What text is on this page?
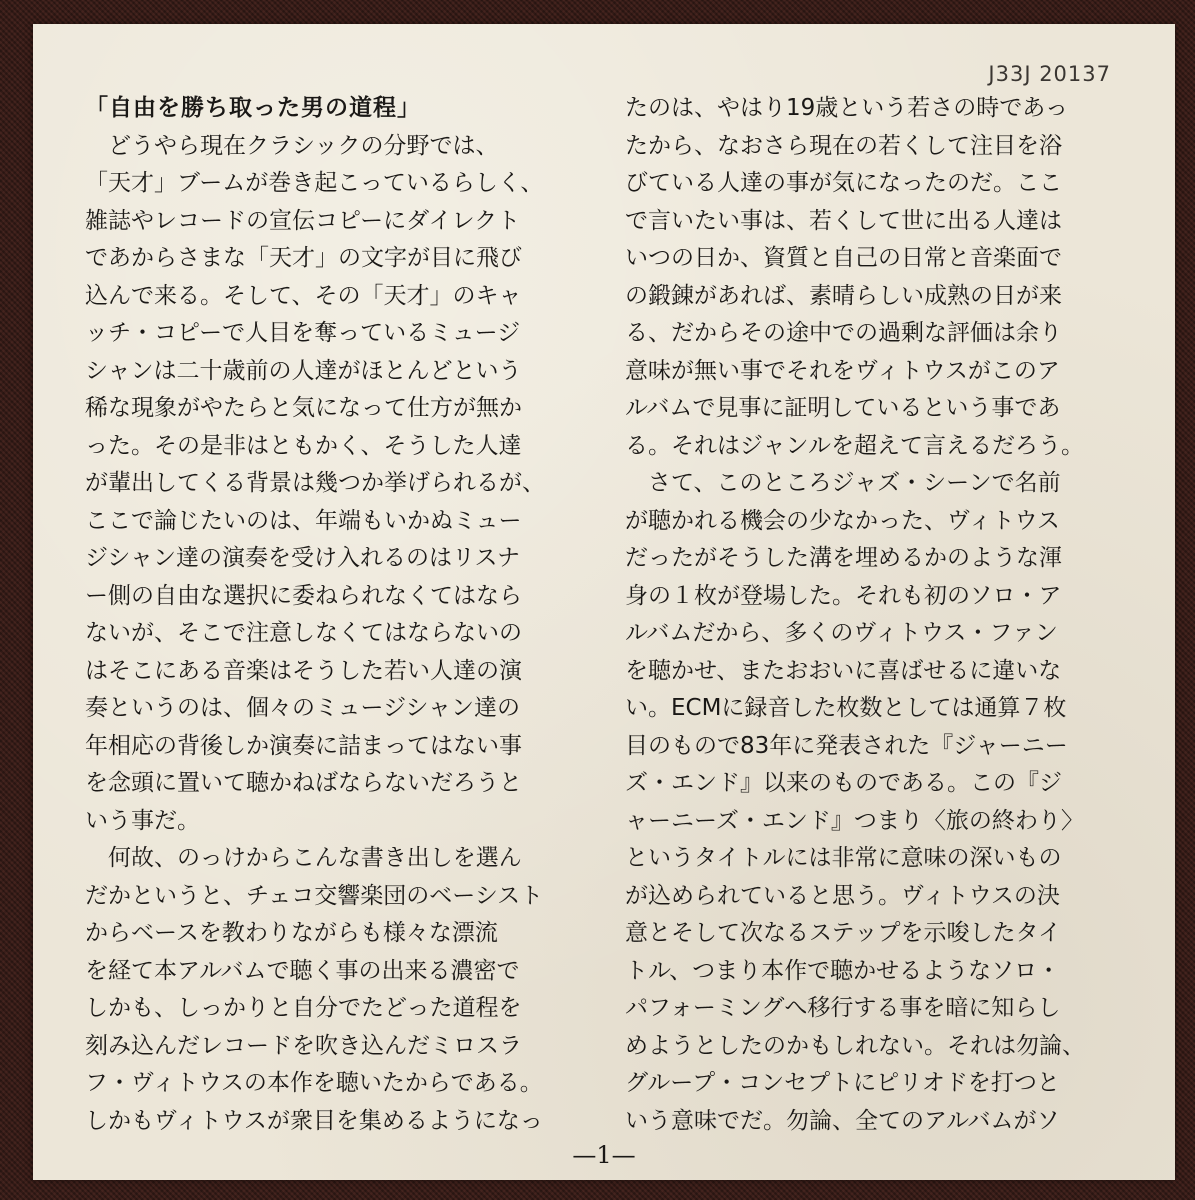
J33J 20137
「自由を勝ち取った男の道程」
　どうやら現在クラシックの分野では、
「天才」ブームが巻き起こっているらしく、
雑誌やレコードの宣伝コピーにダイレクト
であからさまな「天才」の文字が目に飛び
込んで来る。そして、その「天才」のキャ
ッチ・コピーで人目を奪っているミュージ
シャンは二十歳前の人達がほとんどという
稀な現象がやたらと気になって仕方が無か
った。その是非はともかく、そうした人達
が輩出してくる背景は幾つか挙げられるが、
ここで論じたいのは、年端もいかぬミュー
ジシャン達の演奏を受け入れるのはリスナ
ー側の自由な選択に委ねられなくてはなら
ないが、そこで注意しなくてはならないの
はそこにある音楽はそうした若い人達の演
奏というのは、個々のミュージシャン達の
年相応の背後しか演奏に詰まってはない事
を念頭に置いて聴かねばならないだろうと
いう事だ。
　何故、のっけからこんな書き出しを選ん
だかというと、チェコ交響楽団のベーシスト
からベースを教わりながらも様々な漂流
を経て本アルバムで聴く事の出来る濃密で
しかも、しっかりと自分でたどった道程を
刻み込んだレコードを吹き込んだミロスラ
フ・ヴィトウスの本作を聴いたからである。
しかもヴィトウスが衆目を集めるようになっ
たのは、やはり19歳という若さの時であっ
たから、なおさら現在の若くして注目を浴
びている人達の事が気になったのだ。ここ
で言いたい事は、若くして世に出る人達は
いつの日か、資質と自己の日常と音楽面で
の鍛錬があれば、素晴らしい成熟の日が来
る、だからその途中での過剰な評価は余り
意味が無い事でそれをヴィトウスがこのア
ルバムで見事に証明しているという事であ
る。それはジャンルを超えて言えるだろう。
　さて、このところジャズ・シーンで名前
が聴かれる機会の少なかった、ヴィトウス
だったがそうした溝を埋めるかのような渾
身の１枚が登場した。それも初のソロ・ア
ルバムだから、多くのヴィトウス・ファン
を聴かせ、またおおいに喜ばせるに違いな
い。ECMに録音した枚数としては通算７枚
目のもので83年に発表された『ジャーニー
ズ・エンド』以来のものである。この『ジ
ャーニーズ・エンド』つまり〈旅の終わり〉
というタイトルには非常に意味の深いもの
が込められていると思う。ヴィトウスの決
意とそして次なるステップを示唆したタイ
トル、つまり本作で聴かせるようなソロ・
パフォーミングへ移行する事を暗に知らし
めようとしたのかもしれない。それは勿論、
グループ・コンセプトにピリオドを打つと
いう意味でだ。勿論、全てのアルバムがソ
—1—
